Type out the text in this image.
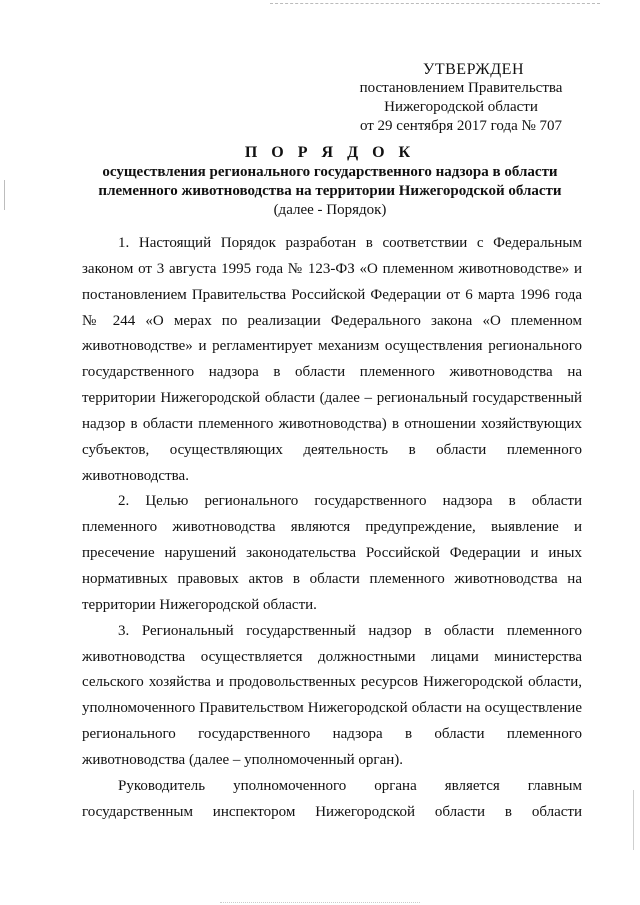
УТВЕРЖДЕН
постановлением Правительства
Нижегородской области
от 29 сентября 2017 года № 707
П О Р Я Д О К
осуществления регионального государственного надзора в области
племенного животноводства на территории Нижегородской области
(далее - Порядок)

1. Настоящий Порядок разработан в соответствии с Федеральным законом от 3 августа 1995 года № 123-ФЗ «О племенном животноводстве» и постановлением Правительства Российской Федерации от 6 марта 1996 года № 244 «О мерах по реализации Федерального закона «О племенном животноводстве» и регламентирует механизм осуществления регионального государственного надзора в области племенного животноводства на территории Нижегородской области (далее – региональный государственный надзор в области племенного животноводства) в отношении хозяйствующих субъектов, осуществляющих деятельность в области племенного животноводства.

2. Целью регионального государственного надзора в области племенного животноводства являются предупреждение, выявление и пресечение нарушений законодательства Российской Федерации и иных нормативных правовых актов в области племенного животноводства на территории Нижегородской области.

3. Региональный государственный надзор в области племенного животноводства осуществляется должностными лицами министерства сельского хозяйства и продовольственных ресурсов Нижегородской области, уполномоченного Правительством Нижегородской области на осуществление регионального государственного надзора в области племенного животноводства (далее – уполномоченный орган).

Руководитель уполномоченного органа является главным государственным инспектором Нижегородской области в области
